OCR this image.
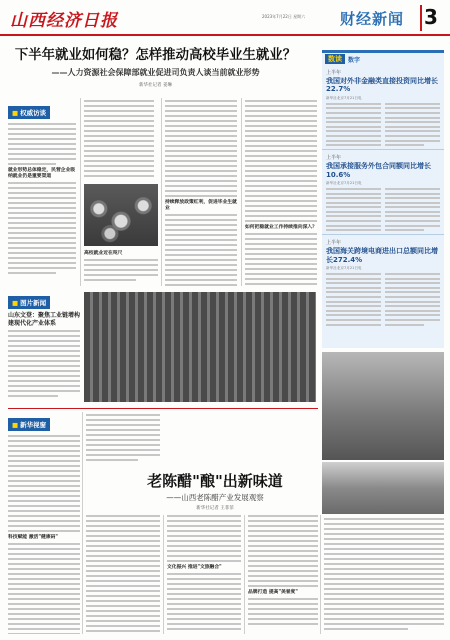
山西经济日报	2023年7月22日 星期六 财经新闻 3
下半年就业如何稳？怎样推动高校毕业生就业？
——人力资源社会保障部就业促进司负责人谈当前就业形势
新华社记者 姜琳
■ 权威访谈
就业形势总体稳定，民营企业吸纳就业仍是重要渠道
高校就业近在咫尺
持续释放政策红利，促进毕业生就业
如何把稳就业工作持续推向深入？
数读	数字
上半年
我国对外非金融类直接投资同比增长22.7%
新华社北京7月21日电
上半年
我国承接服务外包合同额同比增长10.6%
新华社北京7月21日电
上半年
我国海关跨境电商进出口总额同比增长272.4%
新华社北京7月21日电
■ 图片新闻
山东文登：聚焦工业链增构建现代化产业体系
■ 新华视窗
科技赋能 激活"健康码"
老陈醋"酿"出新味道
——山西老陈醋产业发展观察
新华社记者 王菲菲
文化振兴 推进"文旅融合"
品牌打造 提高"美誉度"
